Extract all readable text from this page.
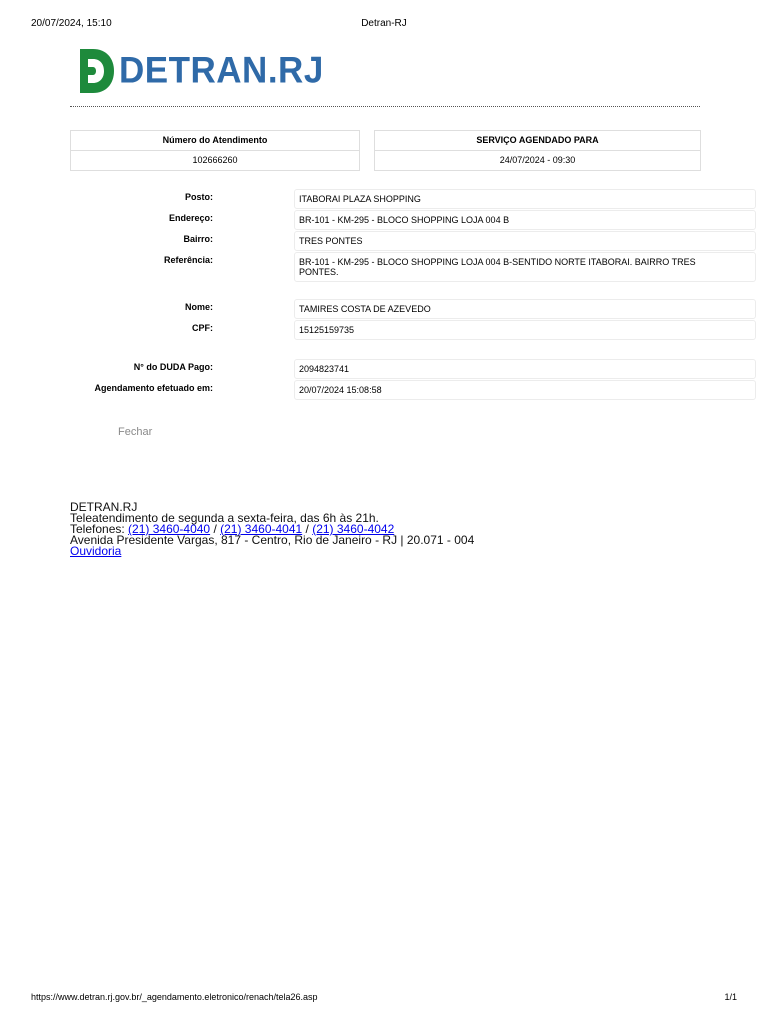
20/07/2024, 15:10	Detran-RJ
DETRAN.RJ
Número do Atendimento
102666260
SERVIÇO AGENDADO PARA
24/07/2024 - 09:30
Posto:	ITABORAI PLAZA SHOPPING
Endereço:	BR-101 - KM-295 - BLOCO SHOPPING LOJA 004 B
Bairro:	TRES PONTES
Referência:	BR-101 - KM-295 - BLOCO SHOPPING LOJA 004 B-SENTIDO NORTE ITABORAI. BAIRRO TRES PONTES.
Nome:	TAMIRES COSTA DE AZEVEDO
CPF:	15125159735
N° do DUDA Pago:	2094823741
Agendamento efetuado em:	20/07/2024 15:08:58
Fechar
DETRAN.RJ
Teleatendimento de segunda a sexta-feira, das 6h às 21h.
Telefones: (21) 3460-4040 / (21) 3460-4041 / (21) 3460-4042
Avenida Presidente Vargas, 817 - Centro, Rio de Janeiro - RJ | 20.071 - 004
Ouvidoria
https://www.detran.rj.gov.br/_agendamento.eletronico/renach/tela26.asp	1/1
